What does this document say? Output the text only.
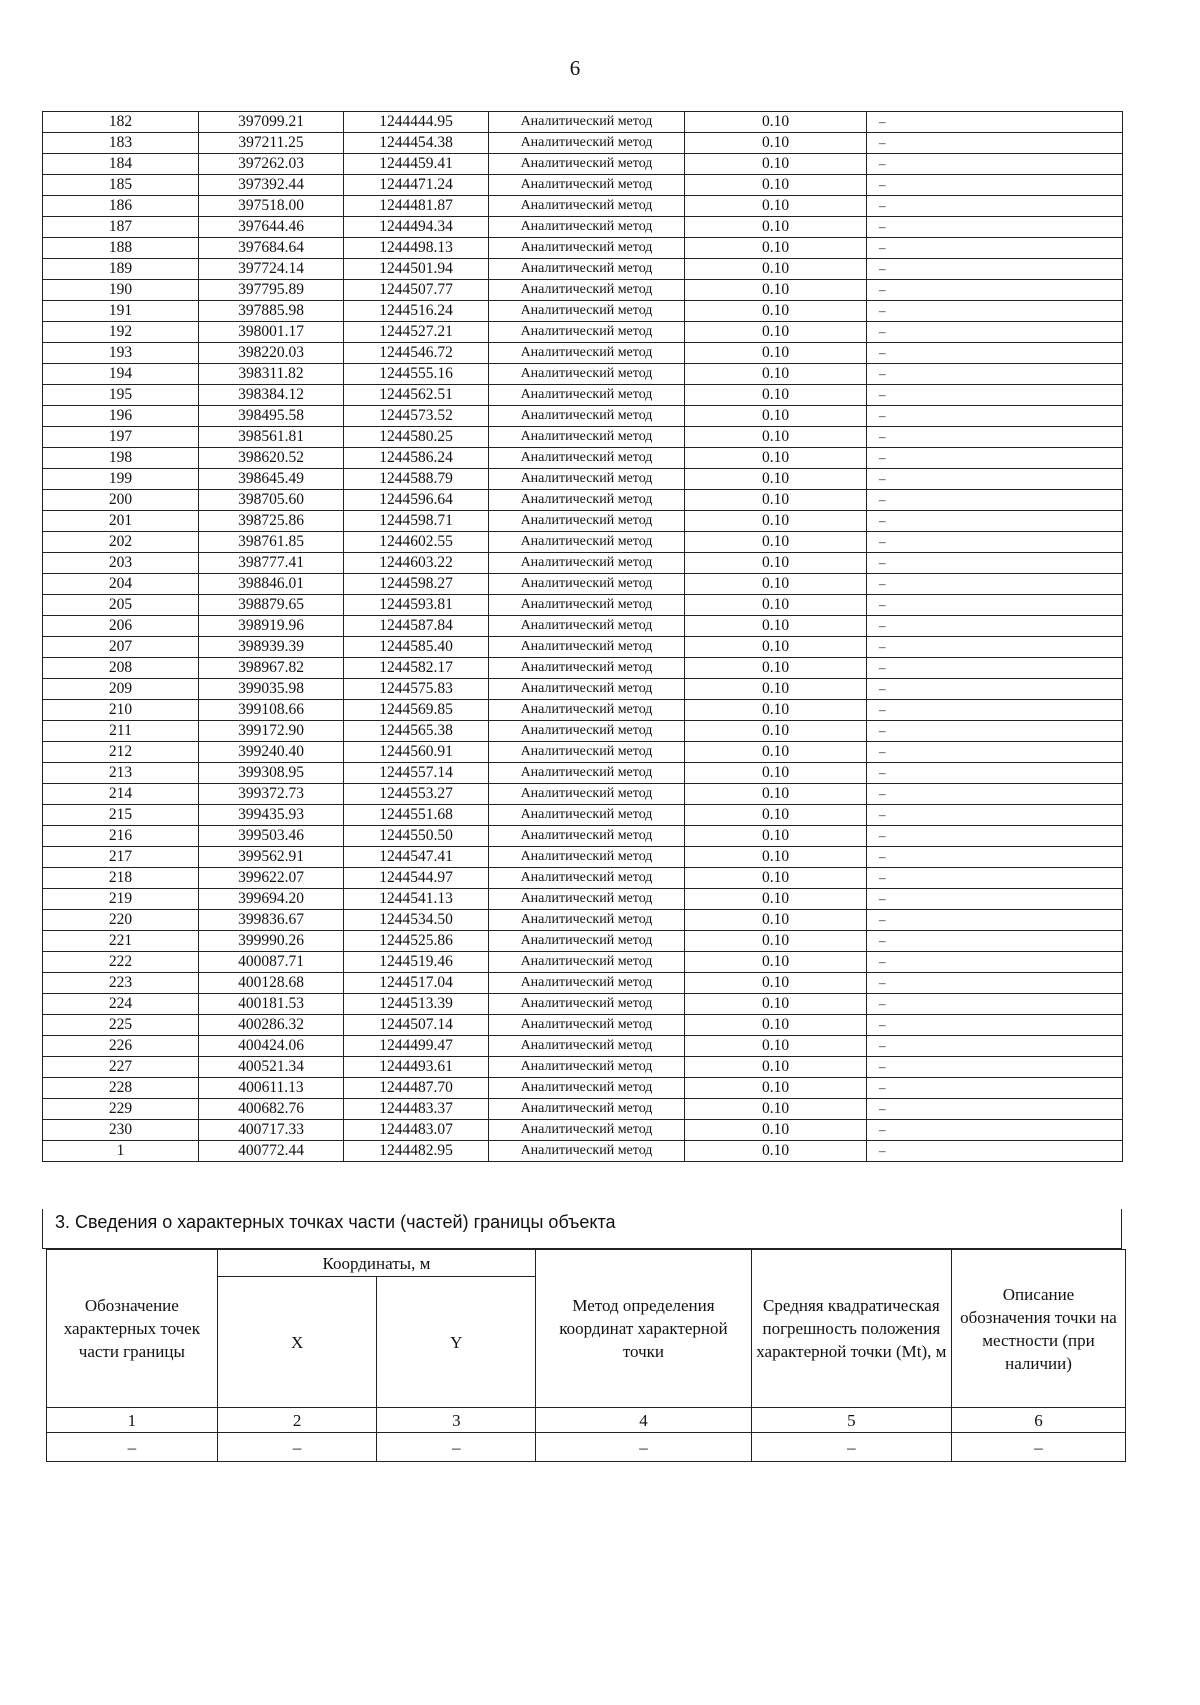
6
182	397099.21	1244444.95	Аналитический метод	0.10	–
183	397211.25	1244454.38	Аналитический метод	0.10	–
184	397262.03	1244459.41	Аналитический метод	0.10	–
185	397392.44	1244471.24	Аналитический метод	0.10	–
186	397518.00	1244481.87	Аналитический метод	0.10	–
187	397644.46	1244494.34	Аналитический метод	0.10	–
188	397684.64	1244498.13	Аналитический метод	0.10	–
189	397724.14	1244501.94	Аналитический метод	0.10	–
190	397795.89	1244507.77	Аналитический метод	0.10	–
191	397885.98	1244516.24	Аналитический метод	0.10	–
192	398001.17	1244527.21	Аналитический метод	0.10	–
193	398220.03	1244546.72	Аналитический метод	0.10	–
194	398311.82	1244555.16	Аналитический метод	0.10	–
195	398384.12	1244562.51	Аналитический метод	0.10	–
196	398495.58	1244573.52	Аналитический метод	0.10	–
197	398561.81	1244580.25	Аналитический метод	0.10	–
198	398620.52	1244586.24	Аналитический метод	0.10	–
199	398645.49	1244588.79	Аналитический метод	0.10	–
200	398705.60	1244596.64	Аналитический метод	0.10	–
201	398725.86	1244598.71	Аналитический метод	0.10	–
202	398761.85	1244602.55	Аналитический метод	0.10	–
203	398777.41	1244603.22	Аналитический метод	0.10	–
204	398846.01	1244598.27	Аналитический метод	0.10	–
205	398879.65	1244593.81	Аналитический метод	0.10	–
206	398919.96	1244587.84	Аналитический метод	0.10	–
207	398939.39	1244585.40	Аналитический метод	0.10	–
208	398967.82	1244582.17	Аналитический метод	0.10	–
209	399035.98	1244575.83	Аналитический метод	0.10	–
210	399108.66	1244569.85	Аналитический метод	0.10	–
211	399172.90	1244565.38	Аналитический метод	0.10	–
212	399240.40	1244560.91	Аналитический метод	0.10	–
213	399308.95	1244557.14	Аналитический метод	0.10	–
214	399372.73	1244553.27	Аналитический метод	0.10	–
215	399435.93	1244551.68	Аналитический метод	0.10	–
216	399503.46	1244550.50	Аналитический метод	0.10	–
217	399562.91	1244547.41	Аналитический метод	0.10	–
218	399622.07	1244544.97	Аналитический метод	0.10	–
219	399694.20	1244541.13	Аналитический метод	0.10	–
220	399836.67	1244534.50	Аналитический метод	0.10	–
221	399990.26	1244525.86	Аналитический метод	0.10	–
222	400087.71	1244519.46	Аналитический метод	0.10	–
223	400128.68	1244517.04	Аналитический метод	0.10	–
224	400181.53	1244513.39	Аналитический метод	0.10	–
225	400286.32	1244507.14	Аналитический метод	0.10	–
226	400424.06	1244499.47	Аналитический метод	0.10	–
227	400521.34	1244493.61	Аналитический метод	0.10	–
228	400611.13	1244487.70	Аналитический метод	0.10	–
229	400682.76	1244483.37	Аналитический метод	0.10	–
230	400717.33	1244483.07	Аналитический метод	0.10	–
1	400772.44	1244482.95	Аналитический метод	0.10	–
3. Сведения о характерных точках части (частей) границы объекта
Обозначение характерных точек части границы	Координаты, м		Метод определения координат характерной точки	Средняя квадратическая погрешность положения характерной точки (Mt), м	Описание обозначения точки на местности (при наличии)
	X	Y			
1	2	3	4	5	6
–	–	–	–	–	–
